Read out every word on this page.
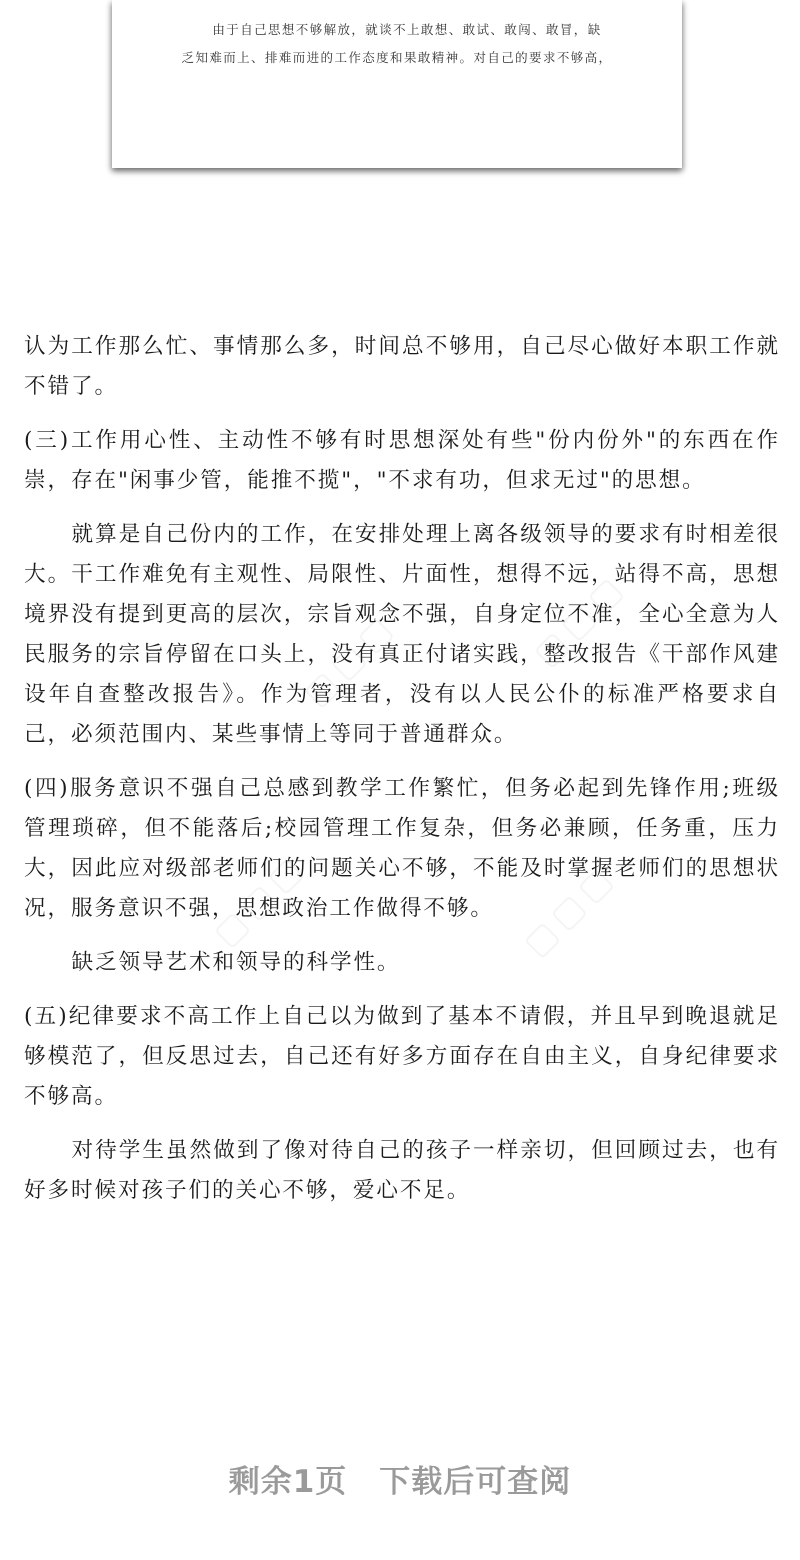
由于自己思想不够解放，就谈不上敢想、敢试、敢闯、敢冒，缺
乏知难而上、排难而进的工作态度和果敢精神。对自己的要求不够高，

认为工作那么忙、事情那么多，时间总不够用，自己尽心做好本职工作就不错了。

(三)工作用心性、主动性不够有时思想深处有些"份内份外"的东西在作崇，存在"闲事少管，能推不揽"，"不求有功，但求无过"的思想。

就算是自己份内的工作，在安排处理上离各级领导的要求有时相差很大。干工作难免有主观性、局限性、片面性，想得不远，站得不高，思想境界没有提到更高的层次，宗旨观念不强，自身定位不准，全心全意为人民服务的宗旨停留在口头上，没有真正付诸实践，整改报告《干部作风建设年自查整改报告》。作为管理者，没有以人民公仆的标准严格要求自己，必须范围内、某些事情上等同于普通群众。

(四)服务意识不强自己总感到教学工作繁忙，但务必起到先锋作用;班级管理琐碎，但不能落后;校园管理工作复杂，但务必兼顾，任务重，压力大，因此应对级部老师们的问题关心不够，不能及时掌握老师们的思想状况，服务意识不强，思想政治工作做得不够。

缺乏领导艺术和领导的科学性。

(五)纪律要求不高工作上自己以为做到了基本不请假，并且早到晚退就足够模范了，但反思过去，自己还有好多方面存在自由主义，自身纪律要求不够高。

对待学生虽然做到了像对待自己的孩子一样亲切，但回顾过去，也有好多时候对孩子们的关心不够，爱心不足。

剩余1页 下载后可查阅
